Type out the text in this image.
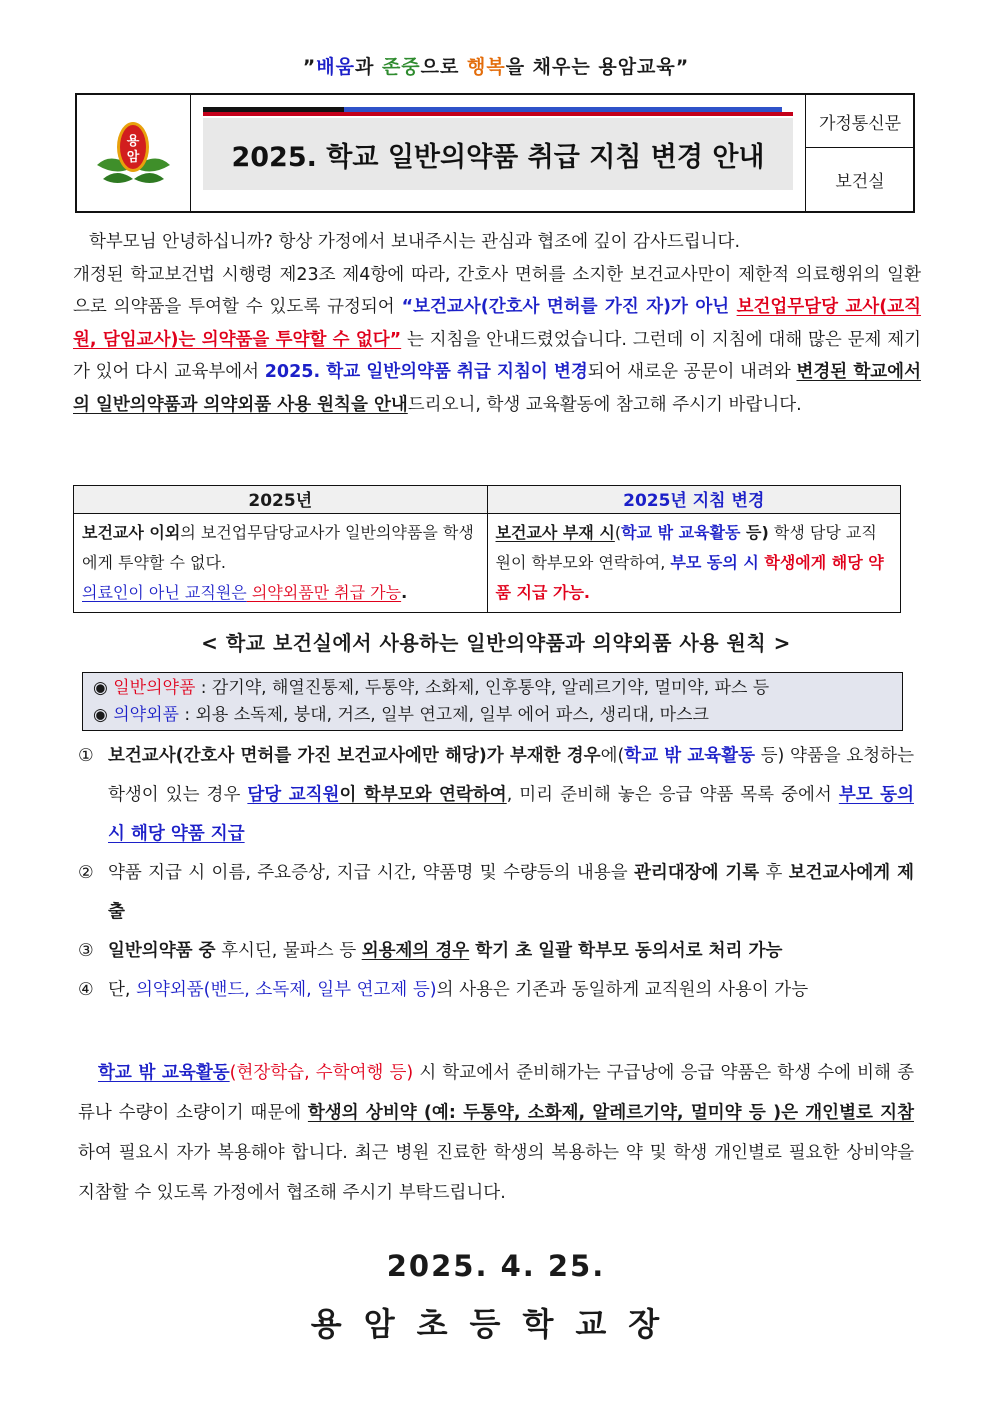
”배움과 존중으로 행복을 채우는 용암교육”
용
암	2025. 학교 일반의약품 취급 지침 변경 안내
가정통신문
보건실
학부모님 안녕하십니까? 항상 가정에서 보내주시는 관심과 협조에 깊이 감사드립니다.
개정된 학교보건법 시행령 제23조 제4항에 따라, 간호사 면허를 소지한 보건교사만이 제한적 의료행위의 일환으로 의약품을 투여할 수 있도록 규정되어 “보건교사(간호사 면허를 가진 자)가 아닌 보건업무담당 교사(교직원, 담임교사)는 의약품을 투약할 수 없다” 는 지침을 안내드렸었습니다. 그런데 이 지침에 대해 많은 문제 제기가 있어 다시 교육부에서 2025. 학교 일반의약품 취급 지침이 변경되어 새로운 공문이 내려와 변경된 학교에서의 일반의약품과 의약외품 사용 원칙을 안내드리오니, 학생 교육활동에 참고해 주시기 바랍니다.
2025년	2025년 지침 변경
보건교사 이외의 보건업무담당교사가 일반의약품을 학생에게 투약할 수 없다.
의료인이 아닌 교직원은 의약외품만 취급 가능.	보건교사 부재 시(학교 밖 교육활동 등) 학생 담당 교직원이 학부모와 연락하여, 부모 동의 시 학생에게 해당 약품 지급 가능.
< 학교 보건실에서 사용하는 일반의약품과 의약외품 사용 원칙 >
◉ 일반의약품 : 감기약, 해열진통제, 두통약, 소화제, 인후통약, 알레르기약, 멀미약, 파스 등
◉ 의약외품 : 외용 소독제, 붕대, 거즈, 일부 연고제, 일부 에어 파스, 생리대, 마스크
① 보건교사(간호사 면허를 가진 보건교사에만 해당)가 부재한 경우에(학교 밖 교육활동 등) 약품을 요청하는 학생이 있는 경우 담당 교직원이 학부모와 연락하여, 미리 준비해 놓은 응급 약품 목록 중에서 부모 동의 시 해당 약품 지급
② 약품 지급 시 이름, 주요증상, 지급 시간, 약품명 및 수량등의 내용을 관리대장에 기록 후 보건교사에게 제출
③ 일반의약품 중 후시딘, 물파스 등 외용제의 경우 학기 초 일괄 학부모 동의서로 처리 가능
④ 단, 의약외품(밴드, 소독제, 일부 연고제 등)의 사용은 기존과 동일하게 교직원의 사용이 가능
학교 밖 교육활동(현장학습, 수학여행 등) 시 학교에서 준비해가는 구급낭에 응급 약품은 학생 수에 비해 종류나 수량이 소량이기 때문에 학생의 상비약 (예: 두통약, 소화제, 알레르기약, 멀미약 등 )은 개인별로 지참하여 필요시 자가 복용해야 합니다. 최근 병원 진료한 학생의 복용하는 약 및 학생 개인별로 필요한 상비약을 지참할 수 있도록 가정에서 협조해 주시기 부탁드립니다.
2025. 4. 25.
용암초등학교장
